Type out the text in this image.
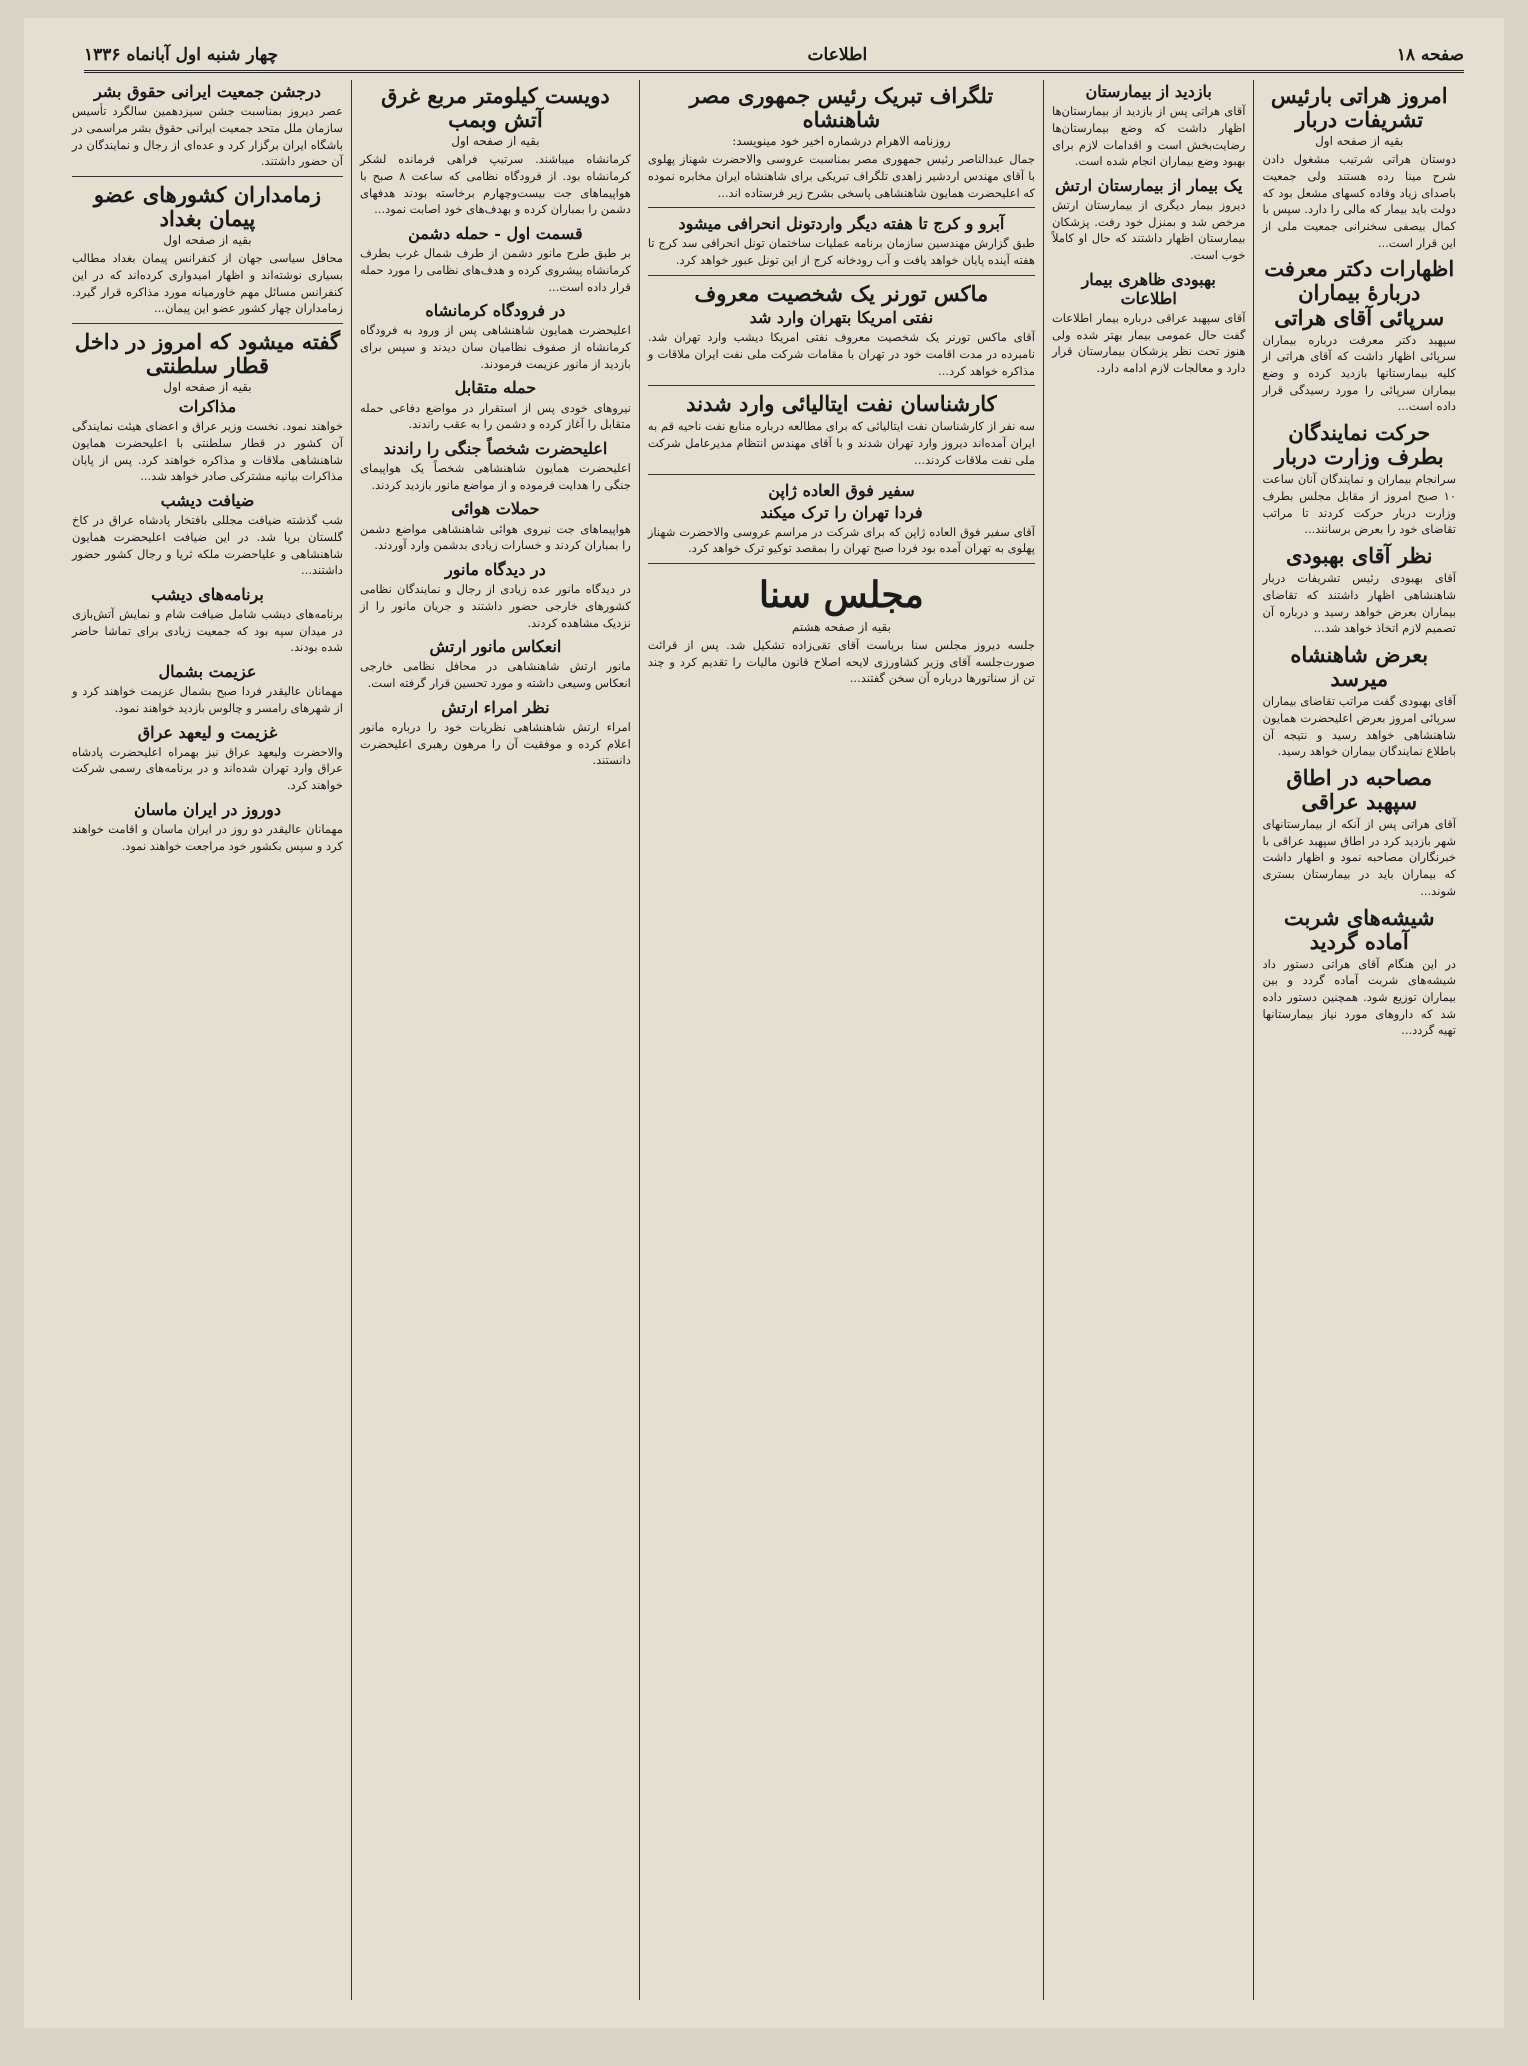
صفحه ۱۸
اطلاعات
چهار شنبه اول آبانماه ۱۳۳۶
امروز هراتی بارئیس تشریفات دربار
بقیه از صفحه اول

دوستان هراتی شرتیب مشغول دادن شرح مینا رده هستند ولی جمعیت باصدای زیاد وفاده کسهای مشعل بود که دولت باید بیمار که مالی را دارد. سپس با کمال بیصفی سخنرانی جمعیت ملی از این قرار است...

اظهارات دکتر معرفت دربارهٔ بیماران سرپائی آقای هراتی

سپهبد دکتر معرفت درباره بیماران سرپائی اظهار داشت که آقای هراتی از کلیه بیمارستانها بازدید کرده و وضع بیماران سرپائی را مورد رسیدگی قرار داده است...

حرکت نمایندگان بطرف وزارت دربار

سرانجام بیماران و نمایندگان آنان ساعت ۱۰ صبح امروز از مقابل مجلس بطرف وزارت دربار حرکت کردند تا مراتب تقاضای خود را بعرض برسانند...

نظر آقای بهبودی

آقای بهبودی رئیس تشریفات دربار شاهنشاهی اظهار داشتند که تقاضای بیماران بعرض خواهد رسید و درباره آن تصمیم لازم اتخاذ خواهد شد...

بعرض شاهنشاه میرسد

آقای بهبودی گفت مراتب تقاضای بیماران سرپائی امروز بعرض اعلیحضرت همایون شاهنشاهی خواهد رسید و نتیجه آن باطلاع نمایندگان بیماران خواهد رسید.

مصاحبه در اطاق سپهبد عراقی

آقای هراتی پس از آنکه از بیمارستانهای شهر بازدید کرد در اطاق سپهبد عراقی با خبرنگاران مصاحبه نمود و اظهار داشت که بیماران باید در بیمارستان بستری شوند...

شیشه‌های شربت آماده گردید

در این هنگام آقای هراتی دستور داد شیشه‌های شربت آماده گردد و بین بیماران توزیع شود. همچنین دستور داده شد که داروهای مورد نیاز بیمارستانها تهیه گردد...

بازدید از بیمارستان

آقای هراتی پس از بازدید از بیمارستان‌ها اظهار داشت که وضع بیمارستان‌ها رضایت‌بخش است و اقدامات لازم برای بهبود وضع بیماران انجام شده است.

یک بیمار از بیمارستان ارتش

دیروز بیمار دیگری از بیمارستان ارتش مرخص شد و بمنزل خود رفت. پزشکان بیمارستان اظهار داشتند که حال او کاملاً خوب است.

بهبودی ظاهری بیمار اطلاعات

آقای سپهبد عراقی درباره بیمار اطلاعات گفت حال عمومی بیمار بهتر شده ولی هنوز تحت نظر پزشکان بیمارستان قرار دارد و معالجات لازم ادامه دارد.

تلگراف تبریک رئیس جمهوری مصر شاهنشاه
روزنامه الاهرام درشماره اخیر خود مینویسد:

جمال عبدالناصر رئیس جمهوری مصر بمناسبت عروسی والاحضرت شهناز پهلوی با آقای مهندس اردشیر زاهدی تلگراف تبریکی برای شاهنشاه ایران مخابره نموده که اعلیحضرت همایون شاهنشاهی پاسخی بشرح زیر فرستاده اند...

آبرو و کرج تا هفته دیگر واردتونل انحرافی میشود

طبق گزارش مهندسین سازمان برنامه عملیات ساختمان تونل انحرافی سد کرج تا هفته آینده پایان خواهد یافت و آب رودخانه کرج از این تونل عبور خواهد کرد.

ماکس تورنر یک شخصیت معروف
نفتی امریکا بتهران وارد شد

آقای ماکس تورنر یک شخصیت معروف نفتی امریکا دیشب وارد تهران شد. نامبرده در مدت اقامت خود در تهران با مقامات شرکت ملی نفت ایران ملاقات و مذاکره خواهد کرد...

کارشناسان نفت ایتالیائی وارد شدند

سه نفر از کارشناسان نفت ایتالیائی که برای مطالعه درباره منابع نفت ناحیه قم به ایران آمده‌اند دیروز وارد تهران شدند و با آقای مهندس انتظام مدیرعامل شرکت ملی نفت ملاقات کردند...

سفیر فوق العاده ژاپن
فردا تهران را ترک میکند

آقای سفیر فوق العاده ژاپن که برای شرکت در مراسم عروسی والاحضرت شهناز پهلوی به تهران آمده بود فردا صبح تهران را بمقصد توکیو ترک خواهد کرد.

مجلس سنا
بقیه از صفحه هشتم

جلسه دیروز مجلس سنا بریاست آقای تقی‌زاده تشکیل شد. پس از قرائت صورت‌جلسه آقای وزیر کشاورزی لایحه اصلاح قانون مالیات را تقدیم کرد و چند تن از سناتورها درباره آن سخن گفتند...

دویست کیلومتر مربع غرق آتش وبمب
بقیه از صفحه اول

کرمانشاه میباشند. سرتیپ فراهی فرمانده لشکر کرمانشاه بود. از فرودگاه نظامی که ساعت ۸ صبح با هواپیماهای جت بیست‌وچهارم برخاسته بودند هدفهای دشمن را بمباران کرده و بهدف‌های خود اصابت نمود...

قسمت اول - حمله دشمن

بر طبق طرح مانور دشمن از طرف شمال غرب بطرف کرمانشاه پیشروی کرده و هدف‌های نظامی را مورد حمله قرار داده است...

در فرودگاه کرمانشاه

اعلیحضرت همایون شاهنشاهی پس از ورود به فرودگاه کرمانشاه از صفوف نظامیان سان دیدند و سپس برای بازدید از مانور عزیمت فرمودند.

حمله متقابل

نیروهای خودی پس از استقرار در مواضع دفاعی حمله متقابل را آغاز کرده و دشمن را به عقب راندند.

اعلیحضرت شخصاً جنگی را راندند

اعلیحضرت همایون شاهنشاهی شخصاً یک هواپیمای جنگی را هدایت فرموده و از مواضع مانور بازدید کردند.

حملات هوائی

هواپیماهای جت نیروی هوائی شاهنشاهی مواضع دشمن را بمباران کردند و خسارات زیادی بدشمن وارد آوردند.

در دیدگاه مانور

در دیدگاه مانور عده زیادی از رجال و نمایندگان نظامی کشورهای خارجی حضور داشتند و جریان مانور را از نزدیک مشاهده کردند.

انعکاس مانور ارتش

مانور ارتش شاهنشاهی در محافل نظامی خارجی انعکاس وسیعی داشته و مورد تحسین قرار گرفته است.

نظر امراء ارتش

امراء ارتش شاهنشاهی نظریات خود را درباره مانور اعلام کرده و موفقیت آن را مرهون رهبری اعلیحضرت دانستند.

درجشن جمعیت ایرانی حقوق بشر

عصر دیروز بمناسبت جشن سیزدهمین سالگرد تأسیس سازمان ملل متحد جمعیت ایرانی حقوق بشر مراسمی در باشگاه ایران برگزار کرد و عده‌ای از رجال و نمایندگان در آن حضور داشتند.

زمامداران کشورهای عضو پیمان بغداد
بقیه از صفحه اول

محافل سیاسی جهان از کنفرانس پیمان بغداد مطالب بسیاری نوشته‌اند و اظهار امیدواری کرده‌اند که در این کنفرانس مسائل مهم خاورمیانه مورد مذاکره قرار گیرد. زمامداران چهار کشور عضو این پیمان...

گفته میشود که امروز در داخل قطار سلطنتی
بقیه از صفحه اول
مذاکرات

خواهند نمود. نخست وزیر عراق و اعضای هیئت نمایندگی آن کشور در قطار سلطنتی با اعلیحضرت همایون شاهنشاهی ملاقات و مذاکره خواهند کرد. پس از پایان مذاکرات بیانیه مشترکی صادر خواهد شد...

ضیافت دیشب

شب گذشته ضیافت مجللی بافتخار پادشاه عراق در کاخ گلستان برپا شد. در این ضیافت اعلیحضرت همایون شاهنشاهی و علیاحضرت ملکه ثریا و رجال کشور حضور داشتند...

برنامه‌های دیشب

برنامه‌های دیشب شامل ضیافت شام و نمایش آتش‌بازی در میدان سپه بود که جمعیت زیادی برای تماشا حاضر شده بودند.

عزیمت بشمال

مهمانان عالیقدر فردا صبح بشمال عزیمت خواهند کرد و از شهرهای رامسر و چالوس بازدید خواهند نمود.

غزیمت و لیعهد عراق

والاحضرت ولیعهد عراق نیز بهمراه اعلیحضرت پادشاه عراق وارد تهران شده‌اند و در برنامه‌های رسمی شرکت خواهند کرد.

دوروز در ایران ماسان

مهمانان عالیقدر دو روز در ایران ماسان و اقامت خواهند کرد و سپس بکشور خود مراجعت خواهند نمود.
